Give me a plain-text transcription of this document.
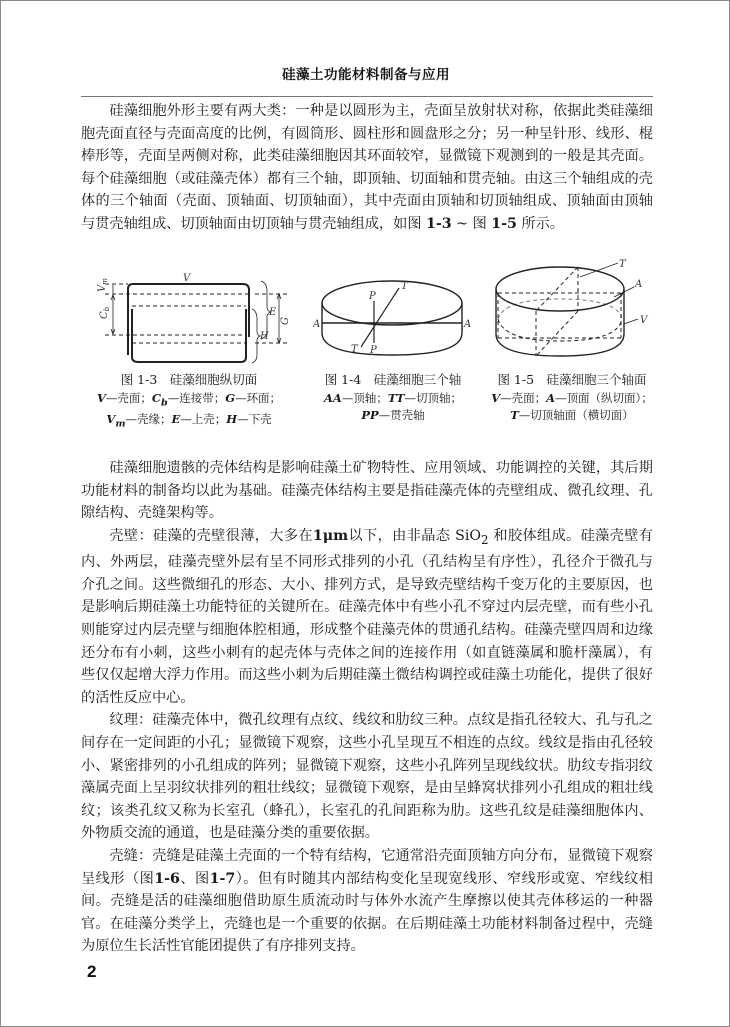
硅藻土功能材料制备与应用

硅藻细胞外形主要有两大类：一种是以圆形为主，壳面呈放射状对称，依据此类硅藻细胞壳面直径与壳面高度的比例，有圆筒形、圆柱形和圆盘形之分；另一种呈针形、线形、棍棒形等，壳面呈两侧对称，此类硅藻细胞因其环面较窄，显微镜下观测到的一般是其壳面。每个硅藻细胞（或硅藻壳体）都有三个轴，即顶轴、切面轴和贯壳轴。由这三个轴组成的壳体的三个轴面（壳面、顶轴面、切顶轴面），其中壳面由顶轴和切顶轴组成、顶轴面由顶轴与贯壳轴组成、切顶轴面由切顶轴与贯壳轴组成，如图 1-3 ~ 图 1-5 所示。

V
$V_m$
$C_b$	E
H
G
图 1-3　硅藻细胞纵切面
V—壳面；$C_b—$连接带；G—环面；
$V_m—$壳缘；E—上壳；H—下壳
A	A
P
P
T
T
图 1-4　硅藻细胞三个轴
AA—顶轴；TT—切顶轴；
PP—贯壳轴
T
A
V
图 1-5　硅藻细胞三个轴面
V—壳面；A—顶面（纵切面）；
T—切顶轴面（横切面）

硅藻细胞遗骸的壳体结构是影响硅藻土矿物特性、应用领域、功能调控的关键，其后期功能材料的制备均以此为基础。硅藻壳体结构主要是指硅藻壳体的壳壁组成、微孔纹理、孔隙结构、壳缝架构等。

壳壁：硅藻的壳壁很薄，大多在1μm以下，由非晶态 SiO$_2$ 和胶体组成。硅藻壳壁有内、外两层，硅藻壳壁外层有呈不同形式排列的小孔（孔结构呈有序性），孔径介于微孔与介孔之间。这些微细孔的形态、大小、排列方式，是导致壳壁结构千变万化的主要原因，也是影响后期硅藻土功能特征的关键所在。硅藻壳体中有些小孔不穿过内层壳壁，而有些小孔则能穿过内层壳壁与细胞体腔相通，形成整个硅藻壳体的贯通孔结构。硅藻壳壁四周和边缘还分布有小刺，这些小刺有的起壳体与壳体之间的连接作用（如直链藻属和脆杆藻属），有些仅仅起增大浮力作用。而这些小刺为后期硅藻土微结构调控或硅藻土功能化，提供了很好的活性反应中心。

纹理：硅藻壳体中，微孔纹理有点纹、线纹和肋纹三种。点纹是指孔径较大、孔与孔之间存在一定间距的小孔；显微镜下观察，这些小孔呈现互不相连的点纹。线纹是指由孔径较小、紧密排列的小孔组成的阵列；显微镜下观察，这些小孔阵列呈现线纹状。肋纹专指羽纹藻属壳面上呈羽纹状排列的粗壮线纹；显微镜下观察，是由呈蜂窝状排列小孔组成的粗壮线纹；该类孔纹又称为长室孔（蜂孔），长室孔的孔间距称为肋。这些孔纹是硅藻细胞体内、外物质交流的通道，也是硅藻分类的重要依据。

壳缝：壳缝是硅藻土壳面的一个特有结构，它通常沿壳面顶轴方向分布，显微镜下观察呈线形（图1-6、图1-7）。但有时随其内部结构变化呈现宽线形、窄线形或宽、窄线纹相间。壳缝是活的硅藻细胞借助原生质流动时与体外水流产生摩擦以使其壳体移运的一种器官。在硅藻分类学上，壳缝也是一个重要的依据。在后期硅藻土功能材料制备过程中，壳缝为原位生长活性官能团提供了有序排列支持。

2
